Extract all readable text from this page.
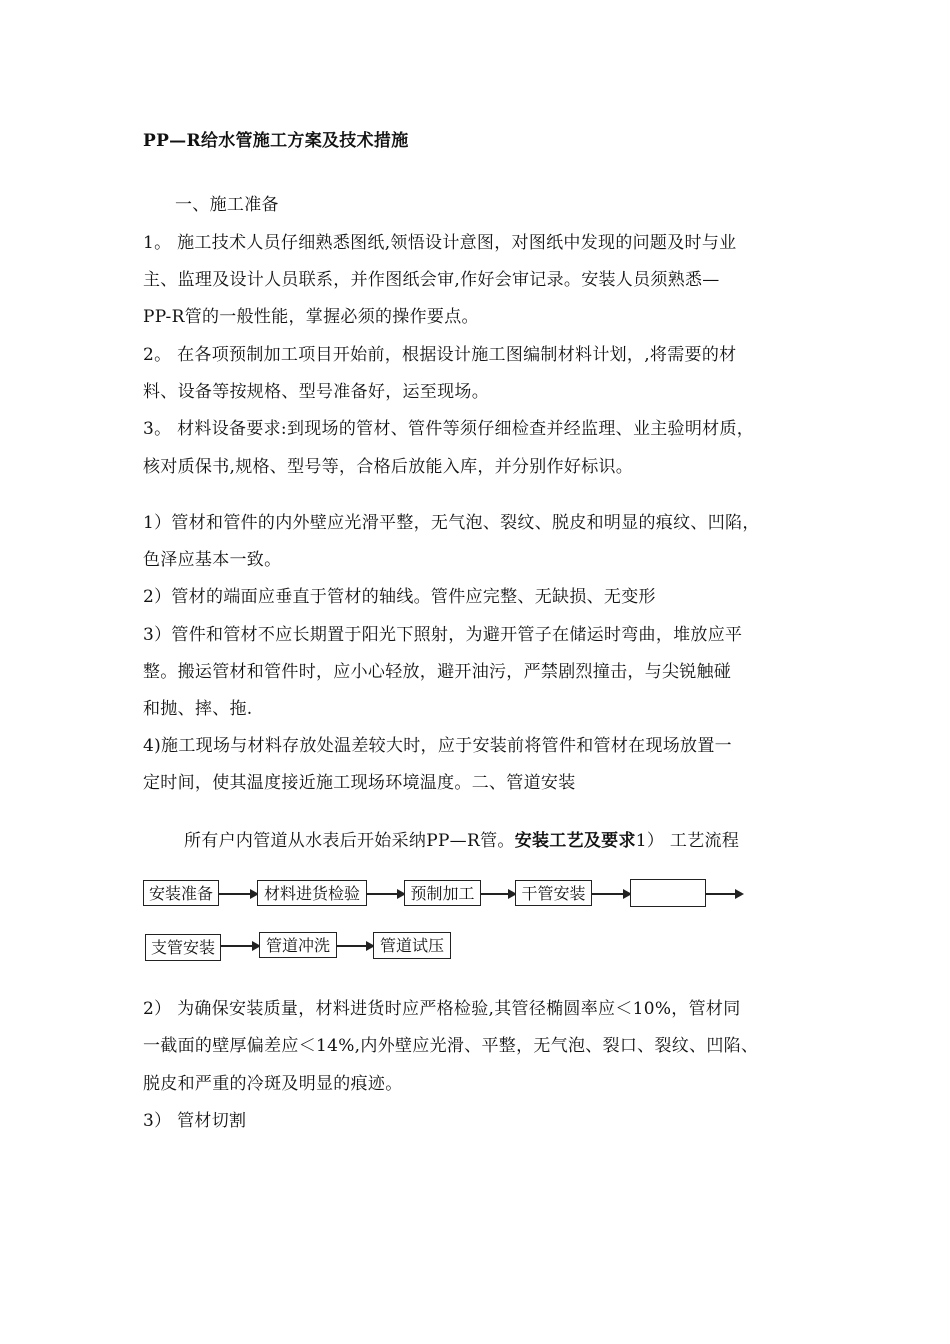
PP—R给水管施工方案及技术措施
一、施工准备
1。 施工技术人员仔细熟悉图纸,领悟设计意图，对图纸中发现的问题及时与业
主、监理及设计人员联系，并作图纸会审,作好会审记录。安装人员须熟悉—
PP-R管的一般性能，掌握必须的操作要点。
2。 在各项预制加工项目开始前，根据设计施工图编制材料计划，,将需要的材
料、设备等按规格、型号准备好，运至现场。
3。 材料设备要求:到现场的管材、管件等须仔细检查并经监理、业主验明材质，
核对质保书,规格、型号等，合格后放能入库，并分别作好标识。
1）管材和管件的内外壁应光滑平整，无气泡、裂纹、脱皮和明显的痕纹、凹陷，
色泽应基本一致。
2）管材的端面应垂直于管材的轴线。管件应完整、无缺损、无变形
3）管件和管材不应长期置于阳光下照射，为避开管子在储运时弯曲，堆放应平
整。搬运管材和管件时，应小心轻放，避开油污，严禁剧烈撞击，与尖锐触碰
和抛、摔、拖.
4)施工现场与材料存放处温差较大时，应于安装前将管件和管材在现场放置一
定时间，使其温度接近施工现场环境温度。二、管道安装
所有户内管道从水表后开始采纳PP—R管。安装工艺及要求1） 工艺流程
安装准备	材料进货检验	预制加工	干管安装
支管安装	管道冲洗	管道试压
2） 为确保安装质量，材料进货时应严格检验,其管径椭圆率应＜10%，管材同
一截面的壁厚偏差应＜14%,内外壁应光滑、平整，无气泡、裂口、裂纹、凹陷、
脱皮和严重的冷斑及明显的痕迹。
3） 管材切割
